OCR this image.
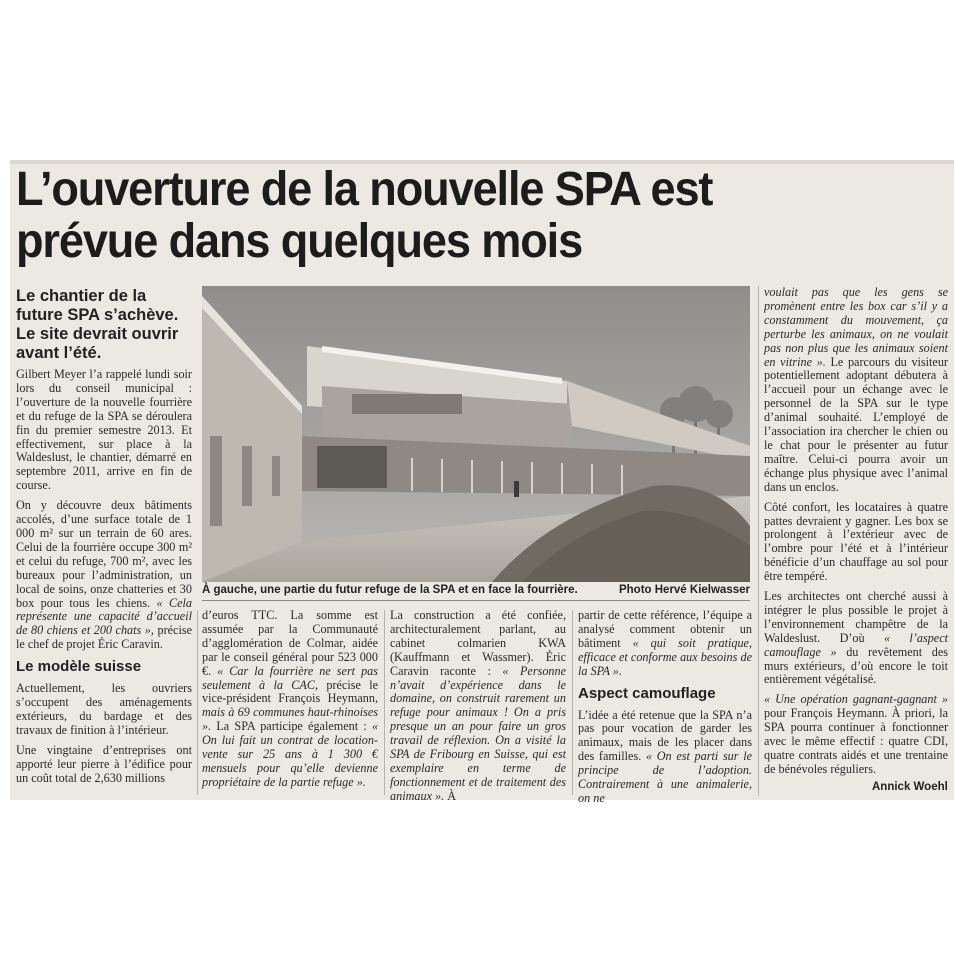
L’ouverture de la nouvelle SPA est
prévue dans quelques mois
Le chantier de la future SPA s’achève. Le site devrait ouvrir avant l’été.
À gauche, une partie du futur refuge de la SPA et en face la fourrière.	Photo Hervé Kielwasser

Gilbert Meyer l’a rappelé lundi soir lors du conseil municipal : l’ouverture de la nouvelle fourrière et du refuge de la SPA se déroulera fin du premier semestre 2013. Et effectivement, sur place à la Waldeslust, le chantier, démarré en septembre 2011, arrive en fin de course.

On y découvre deux bâtiments accolés, d’une surface totale de 1 000 m² sur un terrain de 60 ares. Celui de la fourrière occupe 300 m² et celui du refuge, 700 m², avec les bureaux pour l’administration, un local de soins, onze chatteries et 30 box pour tous les chiens. « Cela représente une capacité d’accueil de 80 chiens et 200 chats », précise le chef de projet Éric Caravin.

Le modèle suisse

Actuellement, les ouvriers s’occupent des aménagements extérieurs, du bardage et des travaux de finition à l’intérieur.

Une vingtaine d’entreprises ont apporté leur pierre à l’édifice pour un coût total de 2,630 millions

d’euros TTC. La somme est assumée par la Communauté d’agglomération de Colmar, aidée par le conseil général pour 523 000 €. « Car la fourrière ne sert pas seulement à la CAC, précise le vice-président François Heymann, mais à 69 communes haut-rhinoises ». La SPA participe également : « On lui fait un contrat de location-vente sur 25 ans à 1 300 € mensuels pour qu’elle devienne propriétaire de la partie refuge ».

La construction a été confiée, architecturalement parlant, au cabinet colmarien KWA (Kauffmann et Wassmer). Éric Caravin raconte : « Personne n’avait d’expérience dans le domaine, on construit rarement un refuge pour animaux ! On a pris presque un an pour faire un gros travail de réflexion. On a visité la SPA de Fribourg en Suisse, qui est exemplaire en terme de fonctionnement et de traitement des animaux ». À

partir de cette référence, l’équipe a analysé comment obtenir un bâtiment « qui soit pratique, efficace et conforme aux besoins de la SPA ».

Aspect camouflage

L’idée a été retenue que la SPA n’a pas pour vocation de garder les animaux, mais de les placer dans des familles. « On est parti sur le principe de l’adoption. Contrairement à une animalerie, on ne

voulait pas que les gens se promènent entre les box car s’il y a constamment du mouvement, ça perturbe les animaux, on ne voulait pas non plus que les animaux soient en vitrine ». Le parcours du visiteur potentiellement adoptant débutera à l’accueil pour un échange avec le personnel de la SPA sur le type d’animal souhaité. L’employé de l’association ira chercher le chien ou le chat pour le présenter au futur maître. Celui-ci pourra avoir un échange plus physique avec l’animal dans un enclos.

Côté confort, les locataires à quatre pattes devraient y gagner. Les box se prolongent à l’extérieur avec de l’ombre pour l’été et à l’intérieur bénéficie d’un chauffage au sol pour être tempéré.

Les architectes ont cherché aussi à intégrer le plus possible le projet à l’environnement champêtre de la Waldeslust. D’où « l’aspect camouflage » du revêtement des murs extérieurs, d’où encore le toit entièrement végétalisé.

« Une opération gagnant-gagnant » pour François Heymann. À priori, la SPA pourra continuer à fonctionner avec le même effectif : quatre CDI, quatre contrats aidés et une trentaine de bénévoles réguliers.

Annick Woehl
